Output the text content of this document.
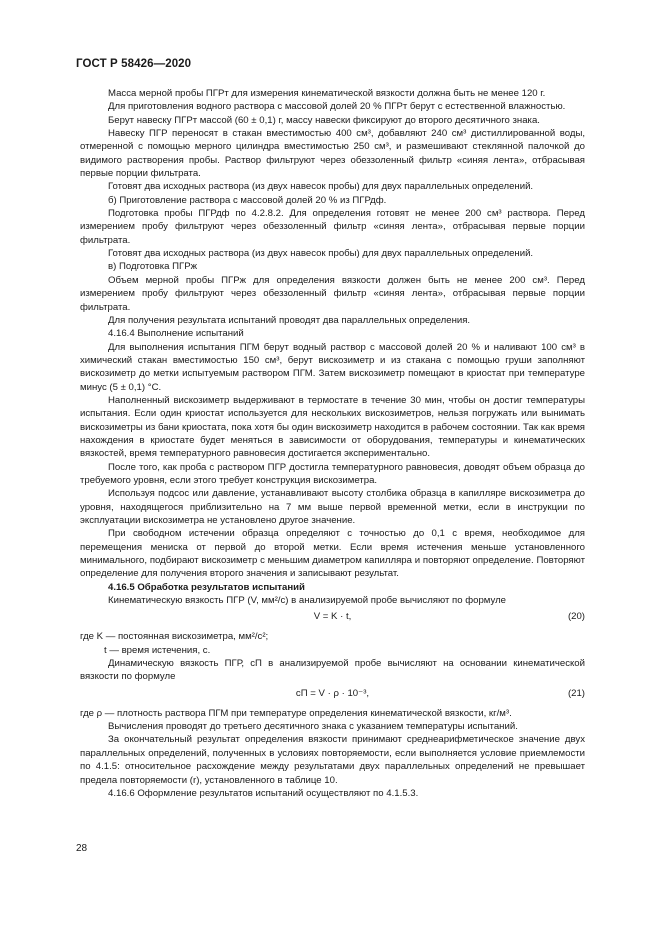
ГОСТ Р 58426—2020

Масса мерной пробы ПГРт для измерения кинематической вязкости должна быть не менее 120 г.

Для приготовления водного раствора с массовой долей 20 % ПГРт берут с естественной влажностью.

Берут навеску ПГРт массой (60 ± 0,1) г, массу навески фиксируют до второго десятичного знака.

Навеску ПГР переносят в стакан вместимостью 400 см³, добавляют 240 см³ дистиллированной воды, отмеренной с помощью мерного цилиндра вместимостью 250 см³, и размешивают стеклянной палочкой до видимого растворения пробы. Раствор фильтруют через обеззоленный фильтр «синяя лента», отбрасывая первые порции фильтрата.

Готовят два исходных раствора (из двух навесок пробы) для двух параллельных определений.

б) Приготовление раствора с массовой долей 20 % из ПГРдф.

Подготовка пробы ПГРдф по 4.2.8.2. Для определения готовят не менее 200 см³ раствора. Перед измерением пробу фильтруют через обеззоленный фильтр «синяя лента», отбрасывая первые порции фильтрата.

Готовят два исходных раствора (из двух навесок пробы) для двух параллельных определений.

в) Подготовка ПГРж

Объем мерной пробы ПГРж для определения вязкости должен быть не менее 200 см³. Перед измерением пробу фильтруют через обеззоленный фильтр «синяя лента», отбрасывая первые порции фильтрата.

Для получения результата испытаний проводят два параллельных определения.

4.16.4 Выполнение испытаний

Для выполнения испытания ПГМ берут водный раствор с массовой долей 20 % и наливают 100 см³ в химический стакан вместимостью 150 см³, берут вискозиметр и из стакана с помощью груши заполняют вискозиметр до метки испытуемым раствором ПГМ. Затем вискозиметр помещают в криостат при температуре минус (5 ± 0,1) °С.

Наполненный вискозиметр выдерживают в термостате в течение 30 мин, чтобы он достиг температуры испытания. Если один криостат используется для нескольких вискозиметров, нельзя погружать или вынимать вискозиметры из бани криостата, пока хотя бы один вискозиметр находится в рабочем состоянии. Так как время нахождения в криостате будет меняться в зависимости от оборудования, температуры и кинематических вязкостей, время температурного равновесия достигается экспериментально.

После того, как проба с раствором ПГР достигла температурного равновесия, доводят объем образца до требуемого уровня, если этого требует конструкция вискозиметра.

Используя подсос или давление, устанавливают высоту столбика образца в капилляре вискозиметра до уровня, находящегося приблизительно на 7 мм выше первой временной метки, если в инструкции по эксплуатации вискозиметра не установлено другое значение.

При свободном истечении образца определяют с точностью до 0,1 с время, необходимое для перемещения мениска от первой до второй метки. Если время истечения меньше установленного минимального, подбирают вискозиметр с меньшим диаметром капилляра и повторяют определение. Повторяют определение для получения второго значения и записывают результат.

4.16.5 Обработка результатов испытаний

Кинематическую вязкость ПГР (V, мм²/с) в анализируемой пробе вычисляют по формуле

V = K · t,	(20)

где K — постоянная вискозиметра, мм²/с²;

t — время истечения, с.

Динамическую вязкость ПГР, сП в анализируемой пробе вычисляют на основании кинематической вязкости по формуле

сП = V · ρ · 10⁻³,	(21)

где ρ — плотность раствора ПГМ при температуре определения кинематической вязкости, кг/м³.

Вычисления проводят до третьего десятичного знака с указанием температуры испытаний.

За окончательный результат определения вязкости принимают среднеарифметическое значение двух параллельных определений, полученных в условиях повторяемости, если выполняется условие приемлемости по 4.1.5: относительное расхождение между результатами двух параллельных определений не превышает предела повторяемости (r), установленного в таблице 10.

4.16.6 Оформление результатов испытаний осуществляют по 4.1.5.3.

28
